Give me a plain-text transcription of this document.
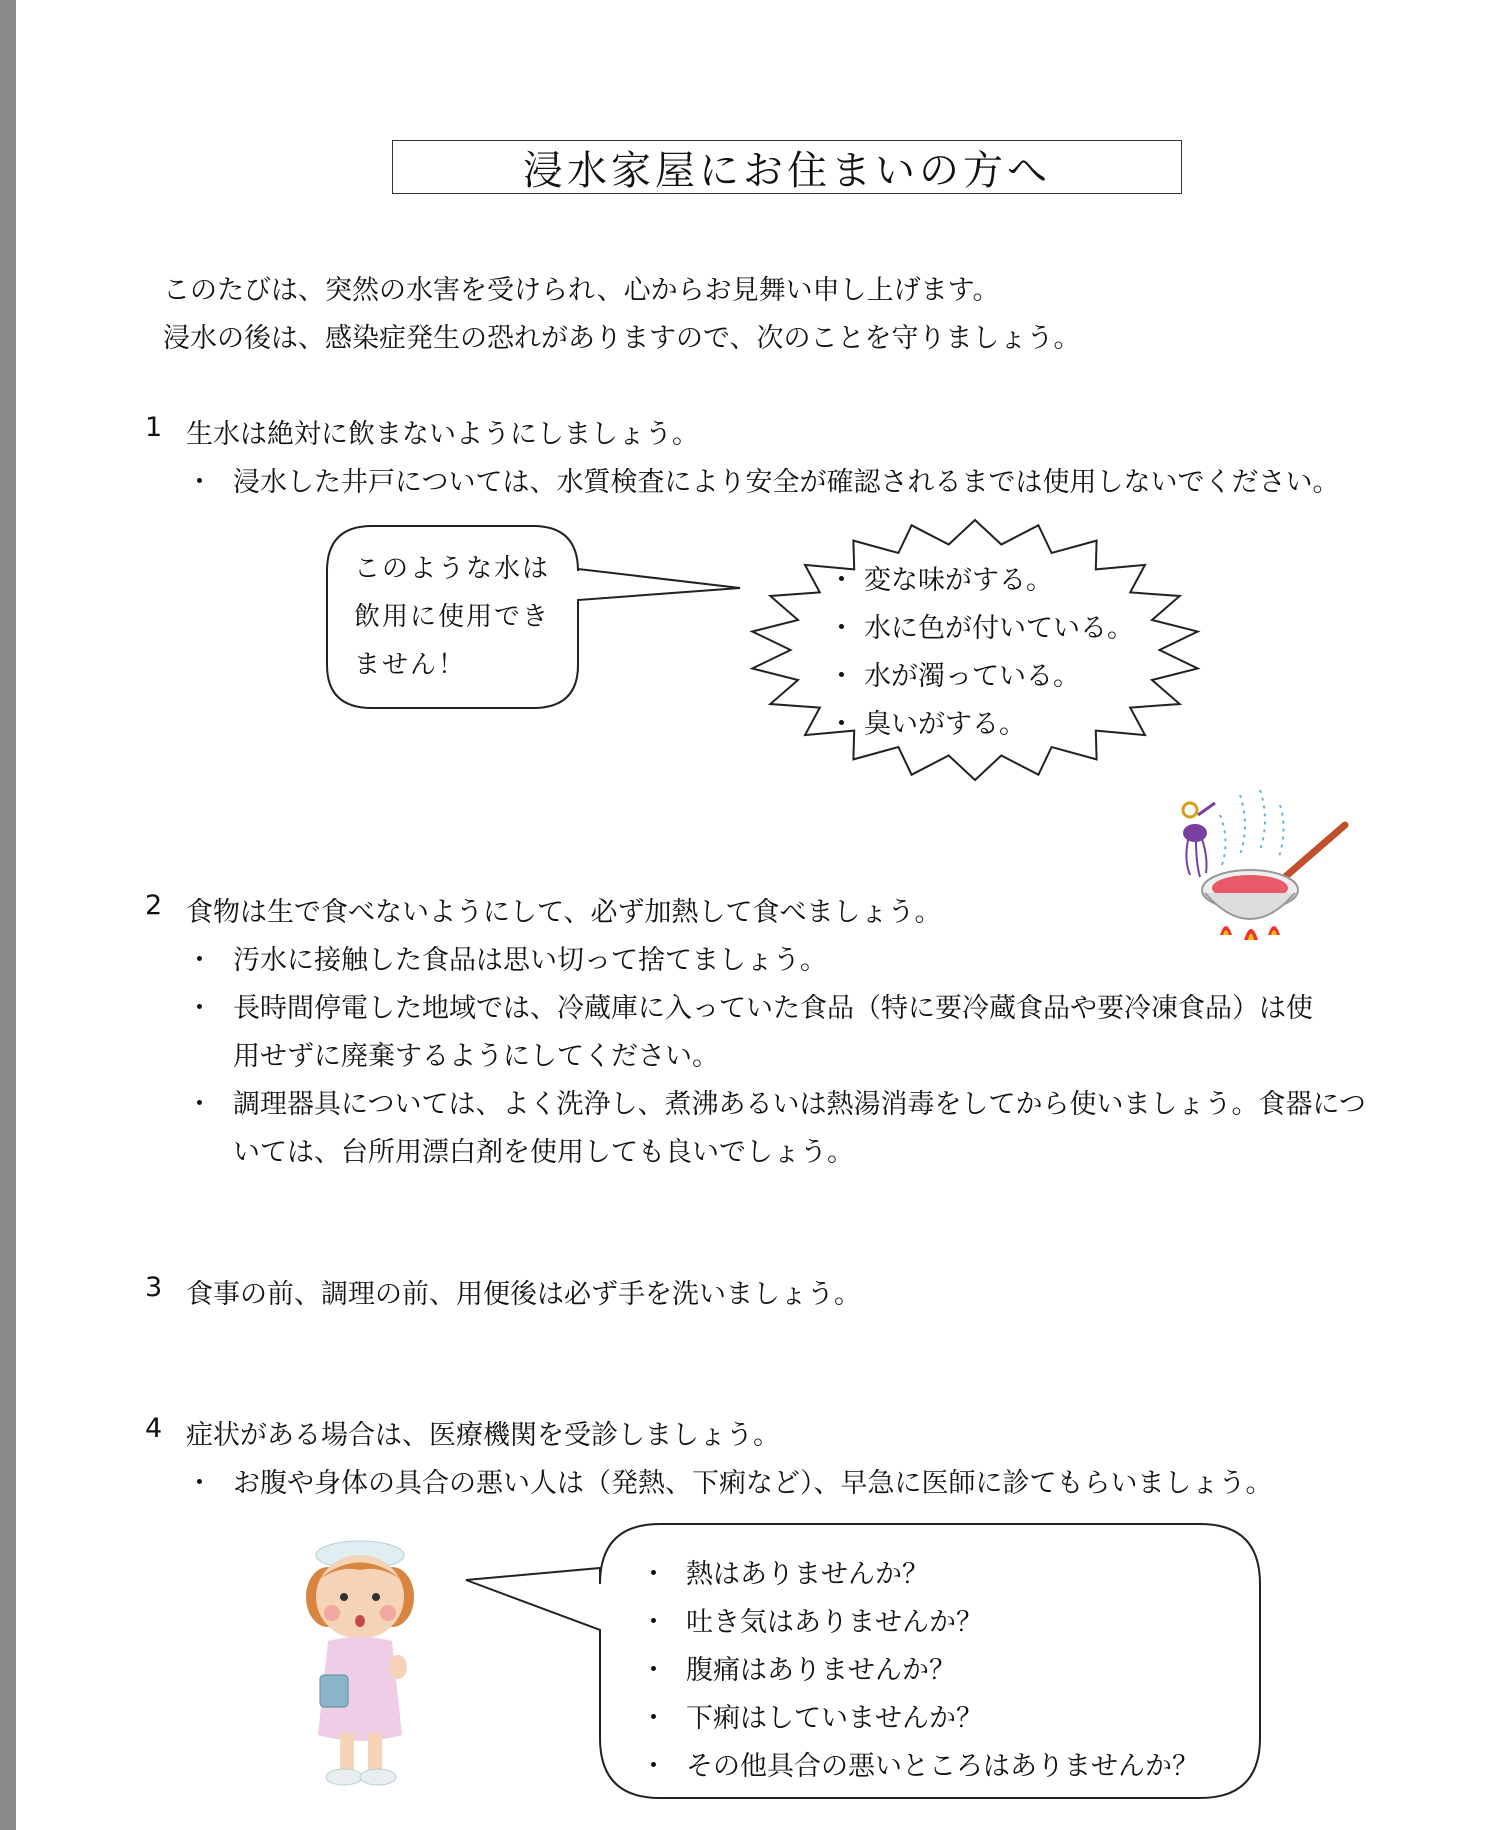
浸水家屋にお住まいの方へ
このたびは、突然の水害を受けられ、心からお見舞い申し上げます。
浸水の後は、感染症発生の恐れがありますので、次のことを守りましょう。
1 生水は絶対に飲まないようにしましょう。
・ 浸水した井戸については、水質検査により安全が確認されるまでは使用しないでください。
このような水は
飲用に使用でき
ません！
・ 変な味がする。
・ 水に色が付いている。
・ 水が濁っている。
・ 臭いがする。
2 食物は生で食べないようにして、必ず加熱して食べましょう。
・ 汚水に接触した食品は思い切って捨てましょう。
・ 長時間停電した地域では、冷蔵庫に入っていた食品（特に要冷蔵食品や要冷凍食品）は使
用せずに廃棄するようにしてください。
・ 調理器具については、よく洗浄し、煮沸あるいは熱湯消毒をしてから使いましょう。食器につ
いては、台所用漂白剤を使用しても良いでしょう。
3 食事の前、調理の前、用便後は必ず手を洗いましょう。
4 症状がある場合は、医療機関を受診しましょう。
・ お腹や身体の具合の悪い人は（発熱、下痢など）、早急に医師に診てもらいましょう。
・ 熱はありませんか？
・ 吐き気はありませんか？
・ 腹痛はありませんか？
・ 下痢はしていませんか？
・ その他具合の悪いところはありませんか？
